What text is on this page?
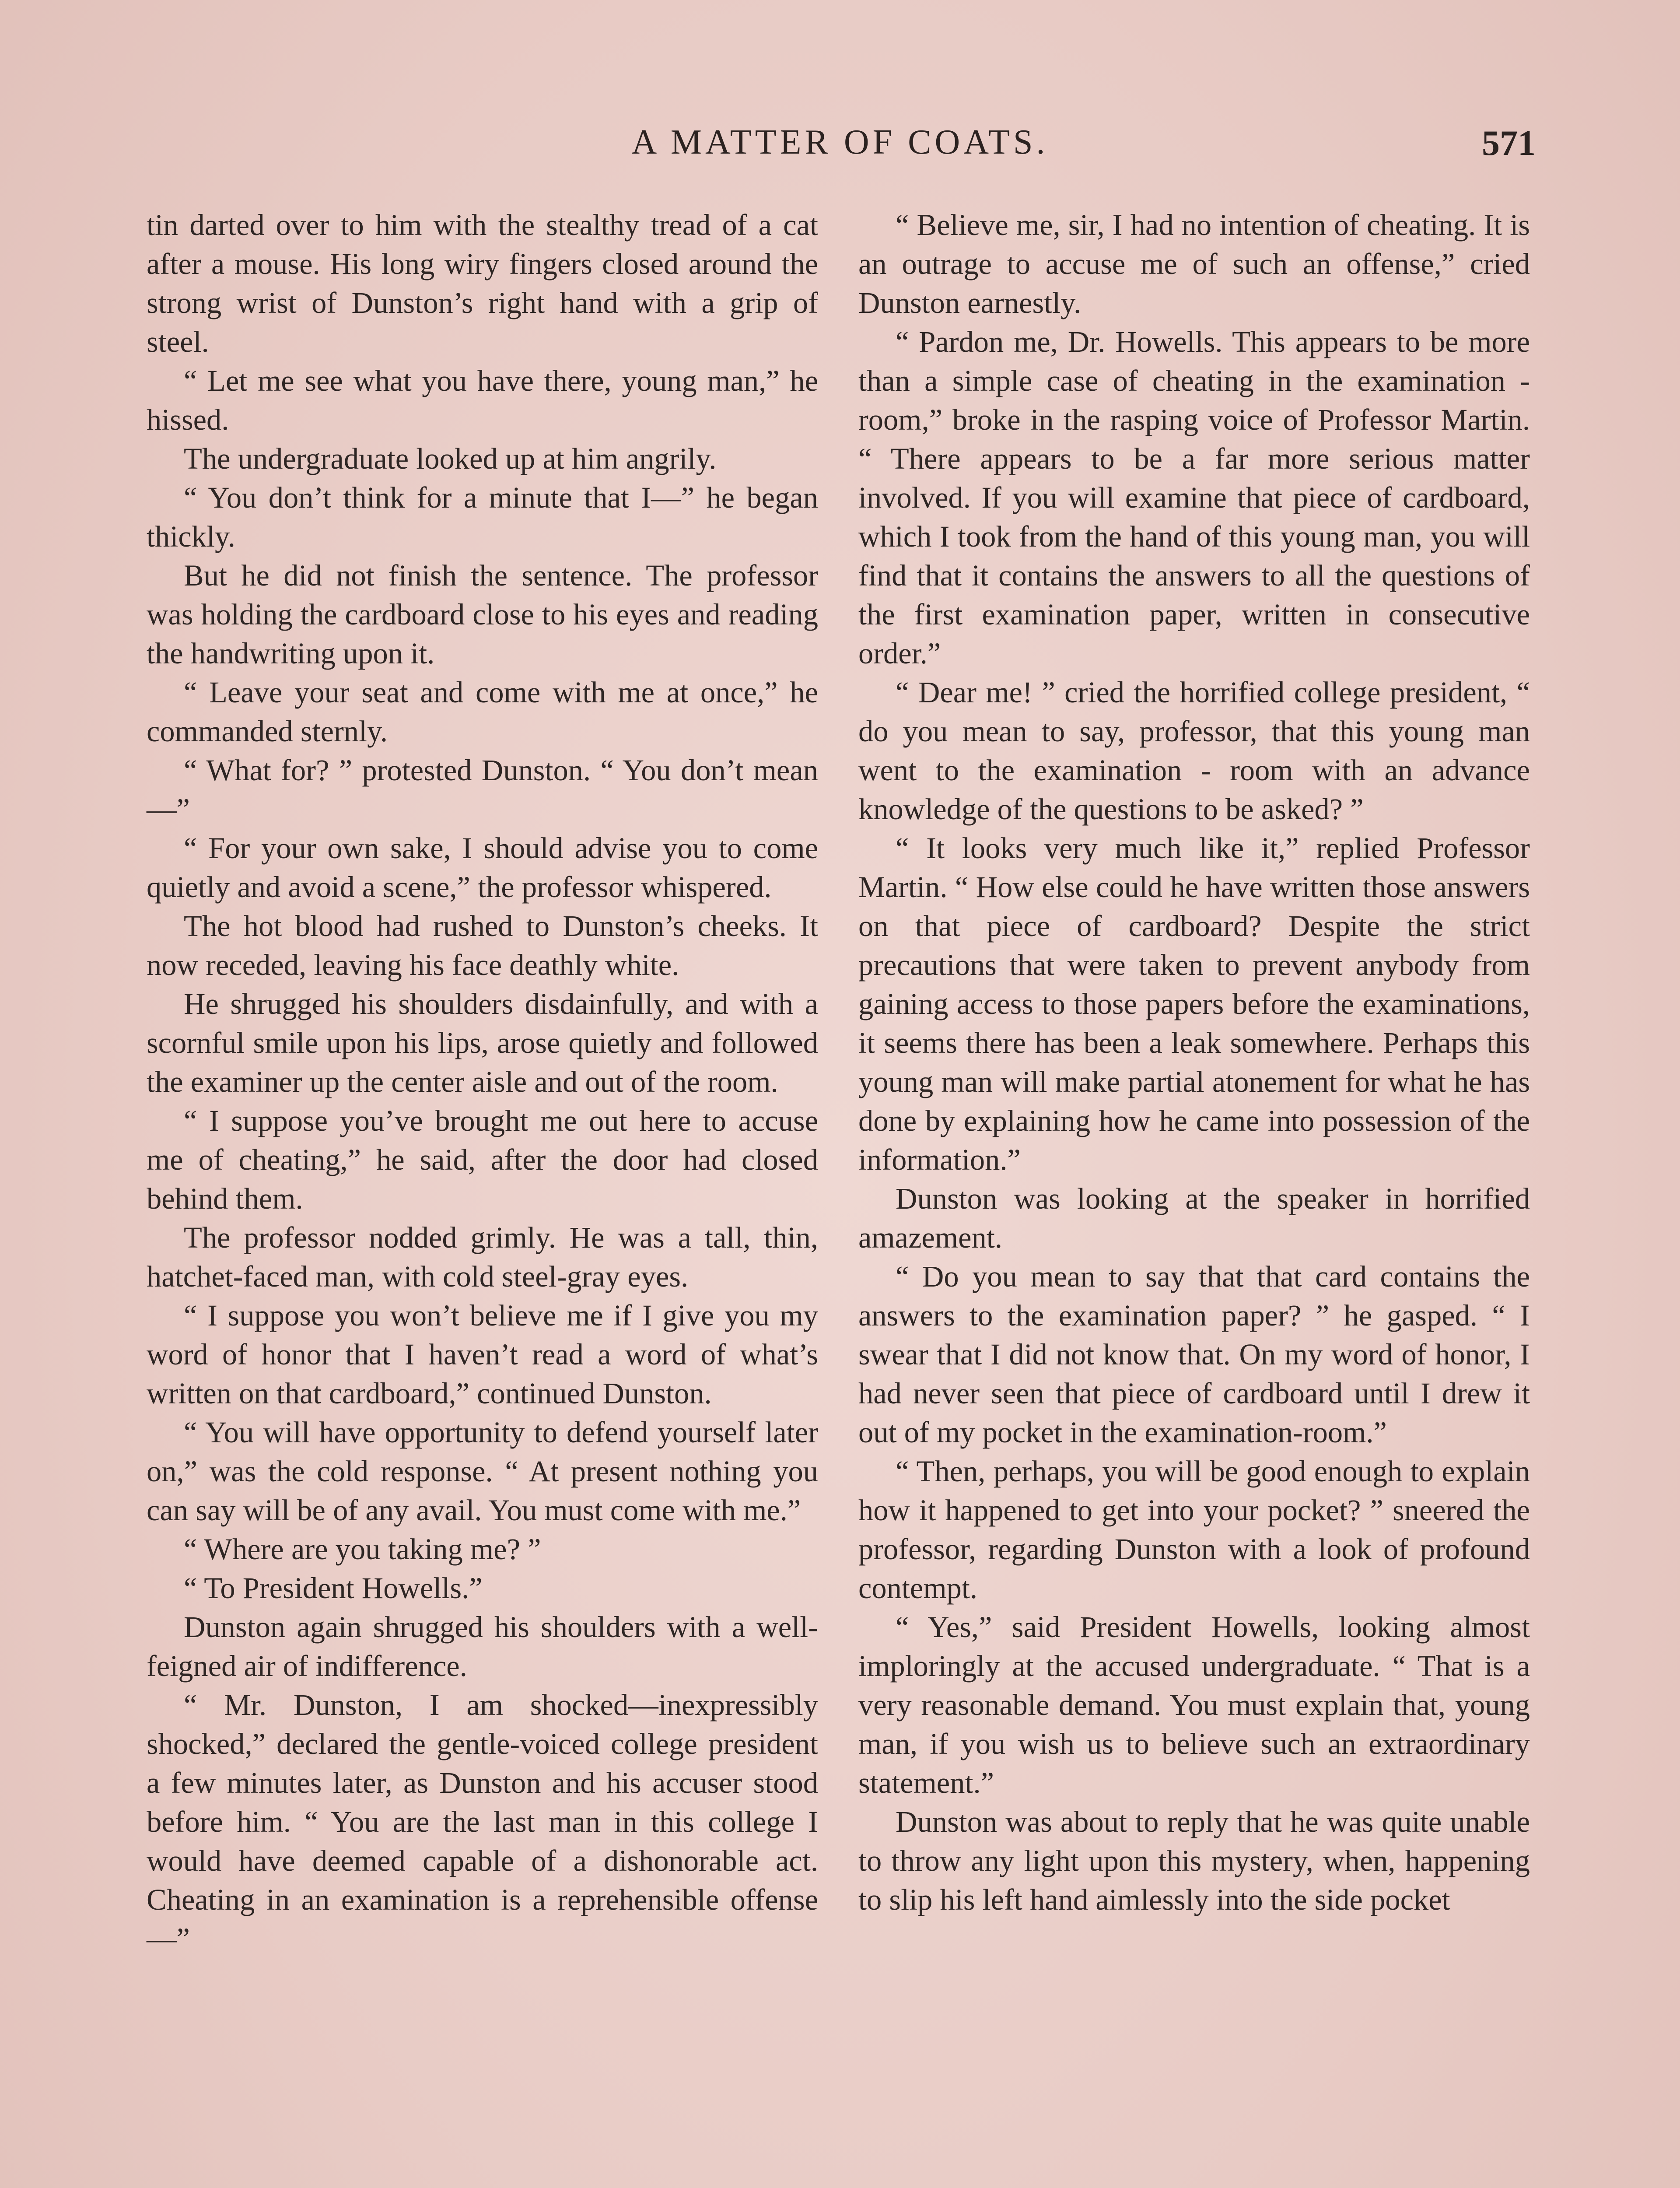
A MATTER OF COATS.	571

tin darted over to him with the stealthy tread of a cat after a mouse. His long wiry fingers closed around the strong wrist of Dunston’s right hand with a grip of steel.

“ Let me see what you have there, young man,” he hissed.

The undergraduate looked up at him angrily.

“ You don’t think for a minute that I—” he began thickly.

But he did not finish the sentence. The professor was holding the cardboard close to his eyes and reading the handwriting upon it.

“ Leave your seat and come with me at once,” he commanded sternly.

“ What for? ” protested Dunston. “ You don’t mean—”

“ For your own sake, I should advise you to come quietly and avoid a scene,” the professor whispered.

The hot blood had rushed to Dunston’s cheeks. It now receded, leaving his face deathly white.

He shrugged his shoulders disdainfully, and with a scornful smile upon his lips, arose quietly and followed the examiner up the center aisle and out of the room.

“ I suppose you’ve brought me out here to accuse me of cheating,” he said, after the door had closed behind them.

The professor nodded grimly. He was a tall, thin, hatchet-faced man, with cold steel-gray eyes.

“ I suppose you won’t believe me if I give you my word of honor that I haven’t read a word of what’s written on that cardboard,” continued Dunston.

“ You will have opportunity to defend yourself later on,” was the cold response. “ At present nothing you can say will be of any avail. You must come with me.”

“ Where are you taking me? ”

“ To President Howells.”

Dunston again shrugged his shoulders with a well-feigned air of indifference.

“ Mr. Dunston, I am shocked—inexpressibly shocked,” declared the gentle-voiced college president a few minutes later, as Dunston and his accuser stood before him. “ You are the last man in this college I would have deemed capable of a dishonorable act. Cheating in an examination is a reprehensible offense—”

“ Believe me, sir, I had no intention of cheating. It is an outrage to accuse me of such an offense,” cried Dunston earnestly.

“ Pardon me, Dr. Howells. This appears to be more than a simple case of cheating in the examination - room,” broke in the rasping voice of Professor Martin. “ There appears to be a far more serious matter involved. If you will examine that piece of cardboard, which I took from the hand of this young man, you will find that it contains the answers to all the questions of the first examination paper, written in consecutive order.”

“ Dear me! ” cried the horrified college president, “ do you mean to say, professor, that this young man went to the examination - room with an advance knowledge of the questions to be asked? ”

“ It looks very much like it,” replied Professor Martin. “ How else could he have written those answers on that piece of cardboard? Despite the strict precautions that were taken to prevent anybody from gaining access to those papers before the examinations, it seems there has been a leak somewhere. Perhaps this young man will make partial atonement for what he has done by explaining how he came into possession of the information.”

Dunston was looking at the speaker in horrified amazement.

“ Do you mean to say that that card contains the answers to the examination paper? ” he gasped. “ I swear that I did not know that. On my word of honor, I had never seen that piece of cardboard until I drew it out of my pocket in the examination-room.”

“ Then, perhaps, you will be good enough to explain how it happened to get into your pocket? ” sneered the professor, regarding Dunston with a look of profound contempt.

“ Yes,” said President Howells, looking almost imploringly at the accused undergraduate. “ That is a very reasonable demand. You must explain that, young man, if you wish us to believe such an extraordinary statement.”

Dunston was about to reply that he was quite unable to throw any light upon this mystery, when, happening to slip his left hand aimlessly into the side pocket
